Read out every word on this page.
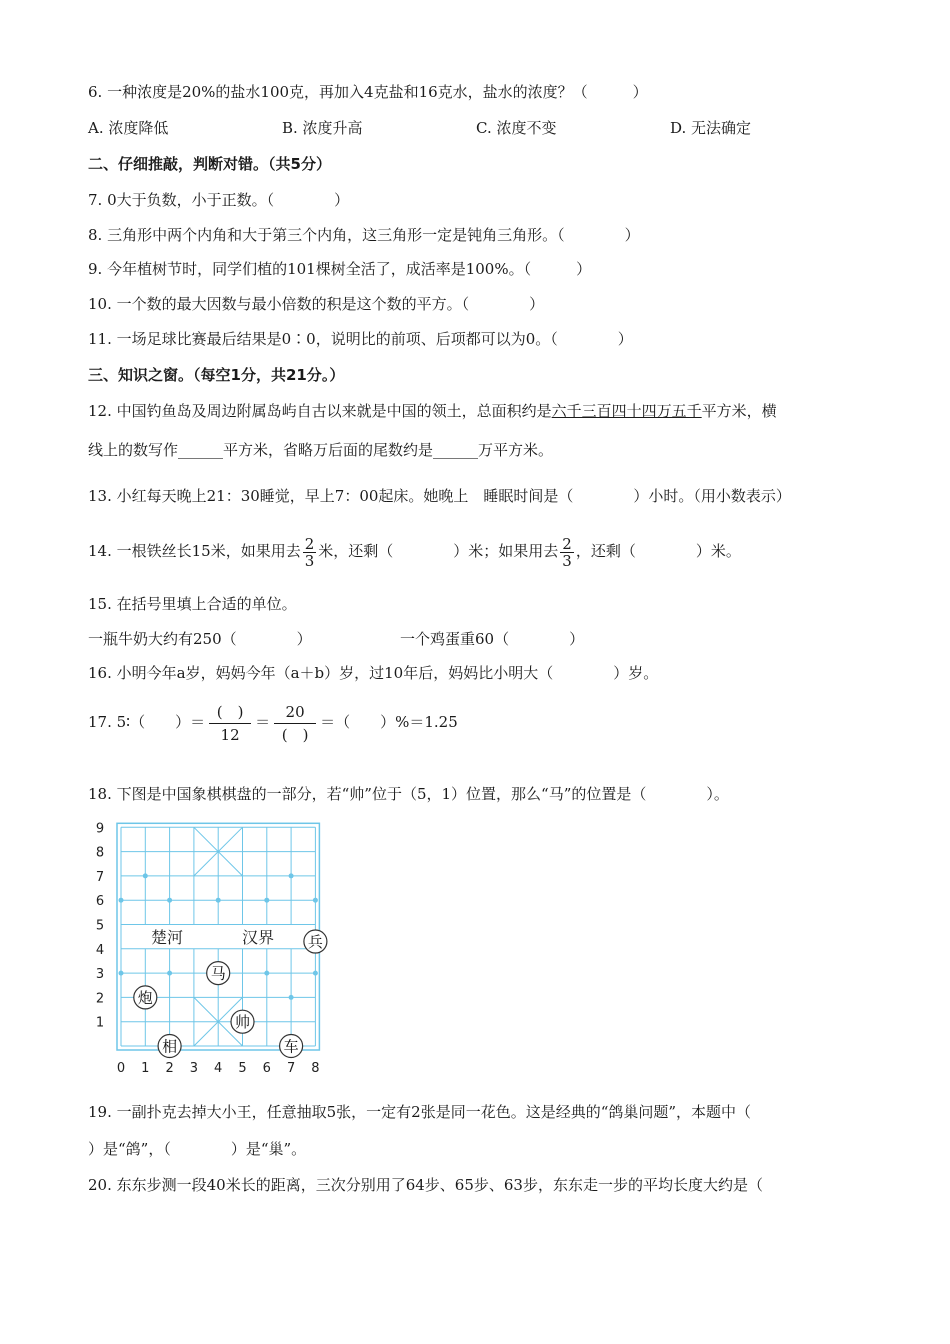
6. 一种浓度是20%的盐水100克，再加入4克盐和16克水，盐水的浓度？（　　　）
A. 浓度降低	B. 浓度升高	C. 浓度不变	D. 无法确定
二、仔细推敲，判断对错。（共5分）
7. 0大于负数，小于正数。（　　　　）
8. 三角形中两个内角和大于第三个内角，这三角形一定是钝角三角形。（　　　　）
9. 今年植树节时，同学们植的101棵树全活了，成活率是100%。（　　　）
10. 一个数的最大因数与最小倍数的积是这个数的平方。（　　　　）
11. 一场足球比赛最后结果是0∶0，说明比的前项、后项都可以为0。（　　　　）
三、知识之窗。（每空1分，共21分。）
12. 中国钓鱼岛及周边附属岛屿自古以来就是中国的领土，总面积约是六千三百四十四万五千平方米，横
线上的数写作______平方米，省略万后面的尾数约是______万平方米。
13. 小红每天晚上21：30睡觉，早上7：00起床。她晚上　睡眠时间是（　　　　）小时。（用小数表示）
14. 一根铁丝长15米，如果用去 $\frac{2}{3}$ 米，还剩（　　　　）米；如果用去 $\frac{2}{3}$ ，还剩（　　　　）米。
15. 在括号里填上合适的单位。
一瓶牛奶大约有250（　　　　）	一个鸡蛋重60（　　　　）
16. 小明今年a岁，妈妈今年（a＋b）岁，过10年后，妈妈比小明大（　　　　）岁。
17. 5∶（　　）＝ $\frac{( )}{12} = \frac{20}{( )}$ ＝（　　）%＝1.25
18. 下图是中国象棋棋盘的一部分，若“帅”位于（5，1）位置，那么“马”的位置是（　　　　）。
0 1 2 3 4 5 6 7 8
1
2
3
4
5
6
7
8
9
楚河	汉界 兵
马
炮
帅
相	车
19. 一副扑克去掉大小王，任意抽取5张，一定有2张是同一花色。这是经典的“鸽巢问题”，本题中（
）是“鸽”，（　　　　）是“巢”。
20. 东东步测一段40米长的距离，三次分别用了64步、65步、63步，东东走一步的平均长度大约是（
